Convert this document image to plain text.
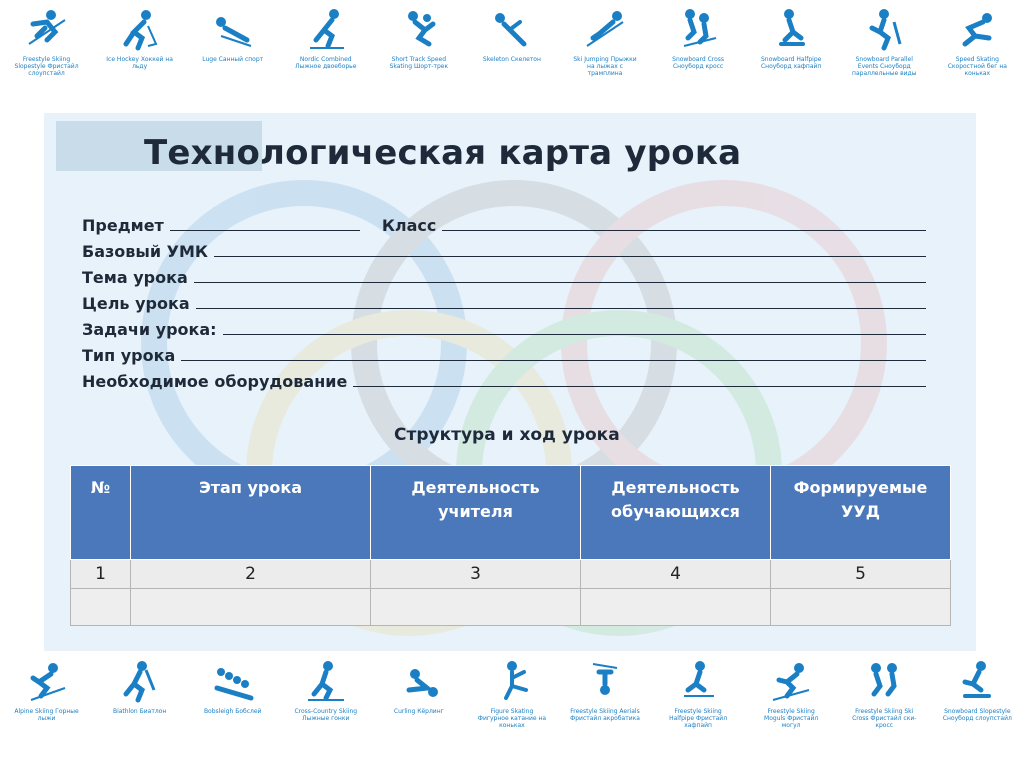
Freestyle Skiing Slopestyle Фристайл слоупстайл
Ice Hockey Хоккей на льду
Luge Санный спорт	Nordic Combined Лыжное двоеборье
Short Track Speed Skating Шорт-трек
Skeleton Скелетон	Ski Jumping Прыжки на лыжах с трамплина
Snowboard Cross Сноуборд кросс
Snowboard Halfpipe Сноуборд хафпайп
Snowboard Parallel Events Сноуборд параллельные виды
Speed Skating Скоростной бег на коньках
Технологическая карта урока
Предмет	Класс
Базовый УМК
Тема урока
Цель урока
Задачи урока:
Тип урока
Необходимое оборудование
Структура и ход урока
№	Этап урока	Деятельность учителя	Деятельность обучающихся	Формируемые УУД
1	2	3	4	5

Alpine Skiing Горные лыжи
Biathlon Биатлон	Bobsleigh Бобслей	Cross-Country Skiing Лыжные гонки
Curling Кёрлинг	Figure Skating Фигурное катание на коньках
Freestyle Skiing Aerials Фристайл акробатика
Freestyle Skiing Halfpipe Фристайл хафпайп
Freestyle Skiing Moguls Фристайл могул
Freestyle Skiing Ski Cross Фристайл ски-кросс
Snowboard Slopestyle Сноуборд слоупстайл
